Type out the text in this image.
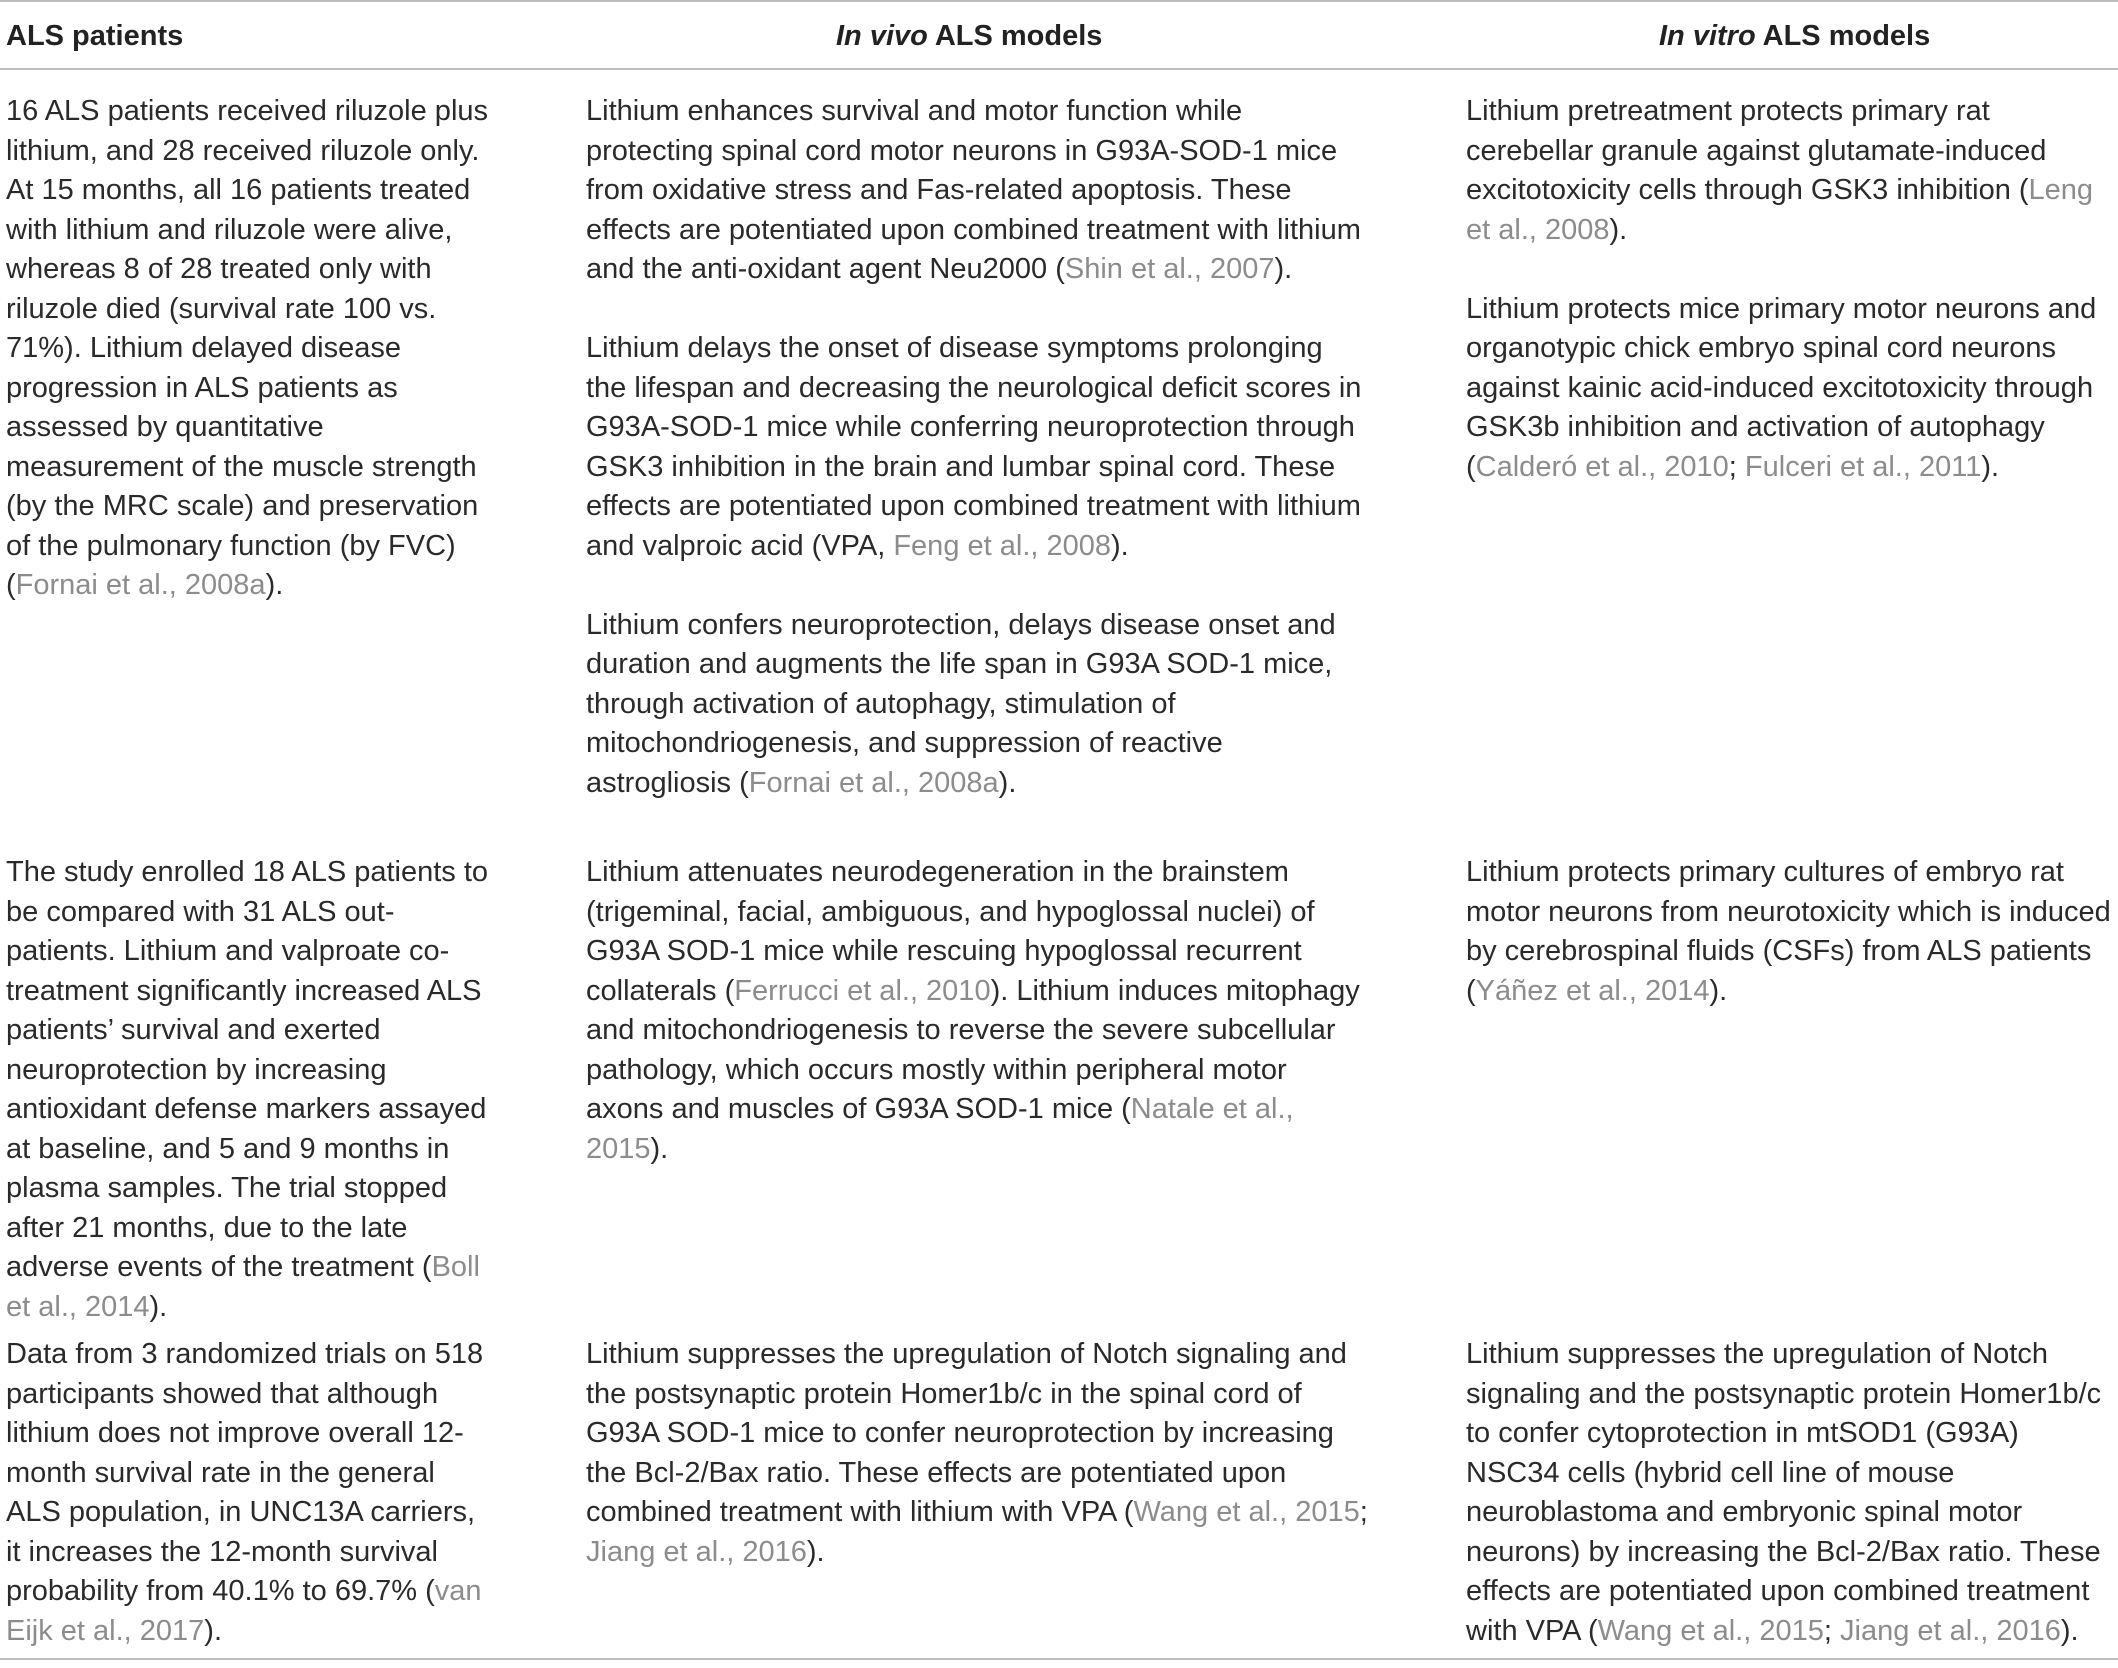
ALS patients	In vivo ALS models	In vitro ALS models

16 ALS patients received riluzole plus lithium, and 28 received riluzole only. At 15 months, all 16 patients treated with lithium and riluzole were alive, whereas 8 of 28 treated only with riluzole died (survival rate 100 vs. 71%). Lithium delayed disease progression in ALS patients as assessed by quantitative measurement of the muscle strength (by the MRC scale) and preservation of the pulmonary function (by FVC) (Fornai et al., 2008a).

Lithium enhances survival and motor function while protecting spinal cord motor neurons in G93A-SOD-1 mice from oxidative stress and Fas-related apoptosis. These effects are potentiated upon combined treatment with lithium and the anti-oxidant agent Neu2000 (Shin et al., 2007).

Lithium delays the onset of disease symptoms prolonging the lifespan and decreasing the neurological deficit scores in G93A-SOD-1 mice while conferring neuroprotection through GSK3 inhibition in the brain and lumbar spinal cord. These effects are potentiated upon combined treatment with lithium and valproic acid (VPA, Feng et al., 2008).

Lithium confers neuroprotection, delays disease onset and duration and augments the life span in G93A SOD-1 mice, through activation of autophagy, stimulation of mitochondriogenesis, and suppression of reactive astrogliosis (Fornai et al., 2008a).

Lithium pretreatment protects primary rat cerebellar granule against glutamate-induced excitotoxicity cells through GSK3 inhibition (Leng et al., 2008).

Lithium protects mice primary motor neurons and organotypic chick embryo spinal cord neurons against kainic acid-induced excitotoxicity through GSK3b inhibition and activation of autophagy (Calderó et al., 2010; Fulceri et al., 2011).

The study enrolled 18 ALS patients to be compared with 31 ALS out-patients. Lithium and valproate co-treatment significantly increased ALS patients’ survival and exerted neuroprotection by increasing antioxidant defense markers assayed at baseline, and 5 and 9 months in plasma samples. The trial stopped after 21 months, due to the late adverse events of the treatment (Boll et al., 2014).

Lithium attenuates neurodegeneration in the brainstem (trigeminal, facial, ambiguous, and hypoglossal nuclei) of G93A SOD-1 mice while rescuing hypoglossal recurrent collaterals (Ferrucci et al., 2010). Lithium induces mitophagy and mitochondriogenesis to reverse the severe subcellular pathology, which occurs mostly within peripheral motor axons and muscles of G93A SOD-1 mice (Natale et al., 2015).

Lithium protects primary cultures of embryo rat motor neurons from neurotoxicity which is induced by cerebrospinal fluids (CSFs) from ALS patients (Yáñez et al., 2014).

Data from 3 randomized trials on 518 participants showed that although lithium does not improve overall 12-month survival rate in the general ALS population, in UNC13A carriers, it increases the 12-month survival probability from 40.1% to 69.7% (van Eijk et al., 2017).

Lithium suppresses the upregulation of Notch signaling and the postsynaptic protein Homer1b/c in the spinal cord of G93A SOD-1 mice to confer neuroprotection by increasing the Bcl-2/Bax ratio. These effects are potentiated upon combined treatment with lithium with VPA (Wang et al., 2015; Jiang et al., 2016).

Lithium suppresses the upregulation of Notch signaling and the postsynaptic protein Homer1b/c to confer cytoprotection in mtSOD1 (G93A) NSC34 cells (hybrid cell line of mouse neuroblastoma and embryonic spinal motor neurons) by increasing the Bcl-2/Bax ratio. These effects are potentiated upon combined treatment with VPA (Wang et al., 2015; Jiang et al., 2016).
